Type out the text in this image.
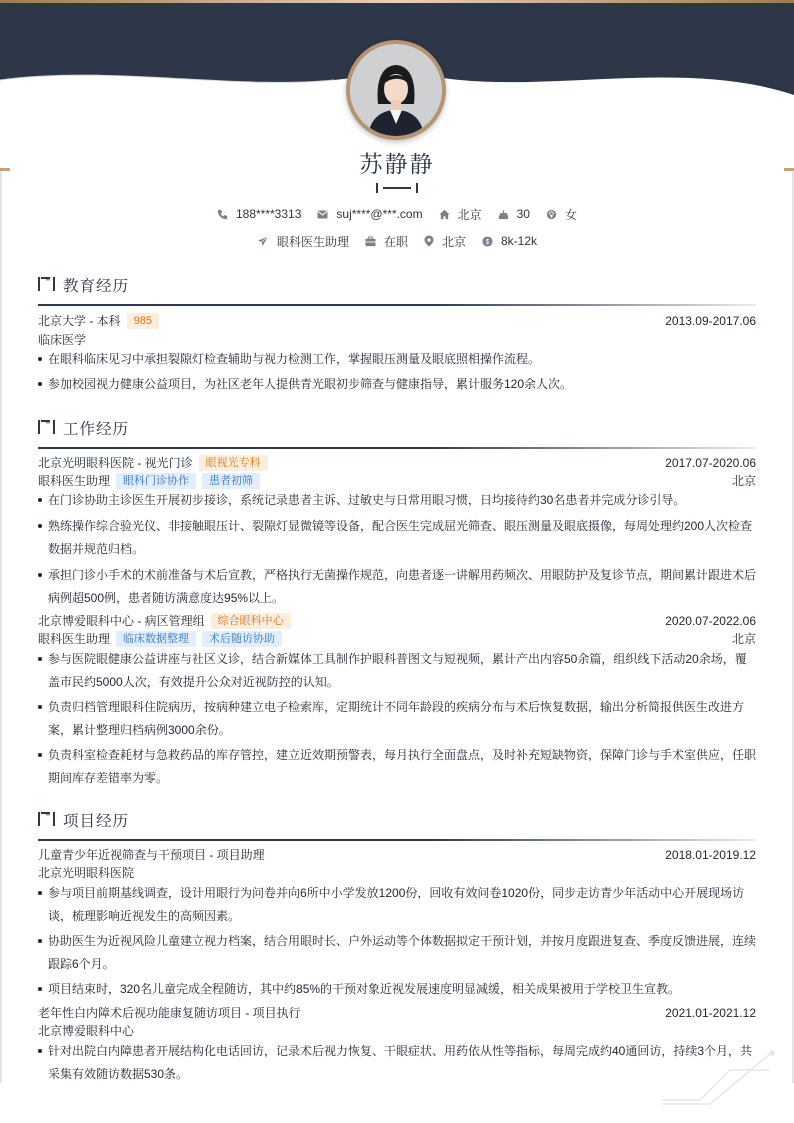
苏静静
188****3313	suj****@***.com	北京	30	女
眼科医生助理	在职	北京 $ 8k-12k
教育经历
北京大学 - 本科 985	2013.09-2017.06
临床医学
在眼科临床见习中承担裂隙灯检查辅助与视力检测工作，掌握眼压测量及眼底照相操作流程。
参加校园视力健康公益项目，为社区老年人提供青光眼初步筛查与健康指导，累计服务120余人次。
工作经历
北京光明眼科医院 - 视光门诊 眼视光专科	2017.07-2020.06
眼科医生助理 眼科门诊协作 患者初筛	北京
在门诊协助主诊医生开展初步接诊，系统记录患者主诉、过敏史与日常用眼习惯，日均接待约30名患者并完成分诊引导。
熟练操作综合验光仪、非接触眼压计、裂隙灯显微镜等设备，配合医生完成屈光筛查、眼压测量及眼底摄像，每周处理约200人次检查数据并规范归档。
承担门诊小手术的术前准备与术后宣教，严格执行无菌操作规范，向患者逐一讲解用药频次、用眼防护及复诊节点，期间累计跟进术后病例超500例，患者随访满意度达95%以上。
北京博爱眼科中心 - 病区管理组 综合眼科中心	2020.07-2022.06
眼科医生助理 临床数据整理 术后随访协助	北京
参与医院眼健康公益讲座与社区义诊，结合新媒体工具制作护眼科普图文与短视频，累计产出内容50余篇，组织线下活动20余场，覆盖市民约5000人次，有效提升公众对近视防控的认知。
负责归档管理眼科住院病历，按病种建立电子检索库，定期统计不同年龄段的疾病分布与术后恢复数据，输出分析简报供医生改进方案，累计整理归档病例3000余份。
负责科室检查耗材与急救药品的库存管控，建立近效期预警表，每月执行全面盘点，及时补充短缺物资，保障门诊与手术室供应，任职期间库存差错率为零。
项目经历
儿童青少年近视筛查与干预项目 - 项目助理	2018.01-2019.12
北京光明眼科医院
参与项目前期基线调查，设计用眼行为问卷并向6所中小学发放1200份，回收有效问卷1020份，同步走访青少年活动中心开展现场访谈，梳理影响近视发生的高频因素。
协助医生为近视风险儿童建立视力档案，结合用眼时长、户外运动等个体数据拟定干预计划，并按月度跟进复查、季度反馈进展，连续跟踪6个月。
项目结束时，320名儿童完成全程随访，其中约85%的干预对象近视发展速度明显减缓，相关成果被用于学校卫生宣教。
老年性白内障术后视功能康复随访项目 - 项目执行	2021.01-2021.12
北京博爱眼科中心
针对出院白内障患者开展结构化电话回访，记录术后视力恢复、干眼症状、用药依从性等指标，每周完成约40通回访，持续3个月，共采集有效随访数据530条。
